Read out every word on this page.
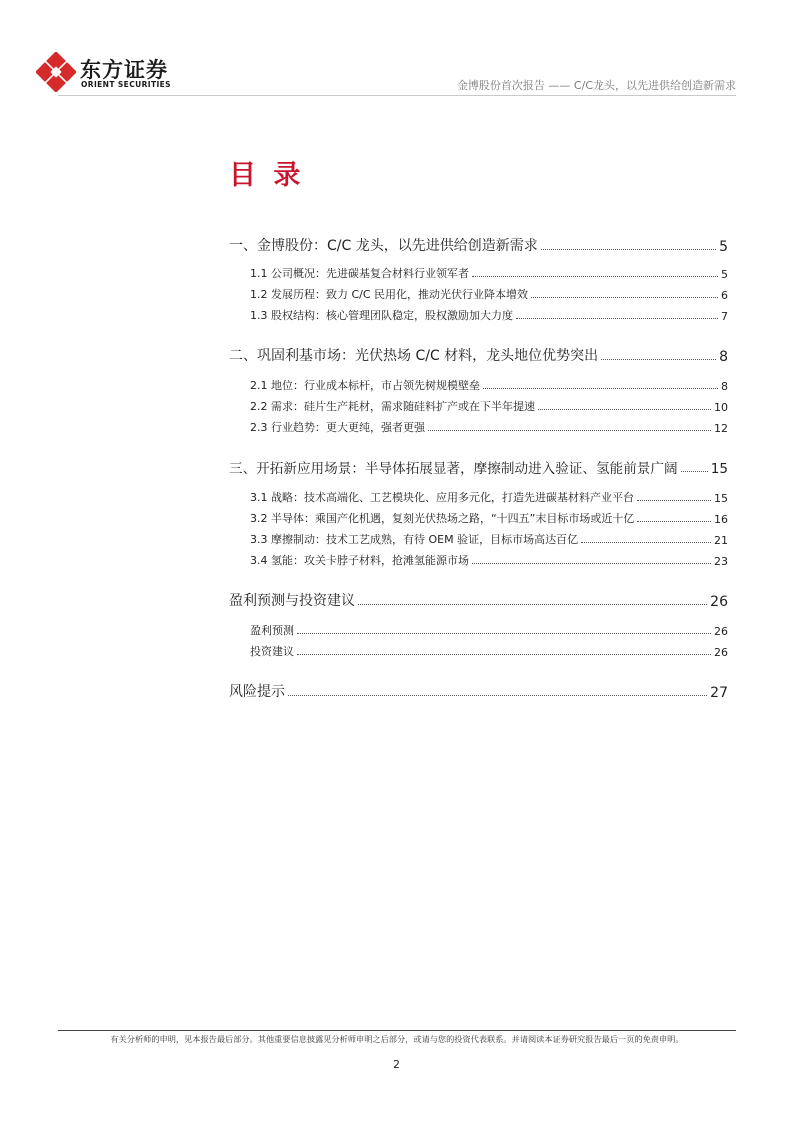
东方证券
ORIENT SECURITIES	金博股份首次报告 —— C/C龙头，以先进供给创造新需求
目 录
一、金博股份：C/C 龙头，以先进供给创造新需求	5
1.1 公司概况：先进碳基复合材料行业领军者	5
1.2 发展历程：致力 C/C 民用化，推动光伏行业降本增效	6
1.3 股权结构：核心管理团队稳定，股权激励加大力度	7
二、巩固利基市场：光伏热场 C/C 材料，龙头地位优势突出	8
2.1 地位：行业成本标杆，市占领先树规模壁垒	8
2.2 需求：硅片生产耗材，需求随硅料扩产或在下半年提速	10
2.3 行业趋势：更大更纯，强者更强	12
三、开拓新应用场景：半导体拓展显著，摩擦制动进入验证、氢能前景广阔 15
3.1 战略：技术高端化、工艺模块化、应用多元化，打造先进碳基材料产业平台	15
3.2 半导体：乘国产化机遇，复刻光伏热场之路，“十四五”末目标市场或近十亿	16
3.3 摩擦制动：技术工艺成熟，有待 OEM 验证，目标市场高达百亿	21
3.4 氢能：攻关卡脖子材料，抢滩氢能源市场	23
盈利预测与投资建议	26
盈利预测	26
投资建议	26
风险提示	27
有关分析师的申明，见本报告最后部分。其他重要信息披露见分析师申明之后部分，或请与您的投资代表联系。并请阅读本证券研究报告最后一页的免责申明。
2
